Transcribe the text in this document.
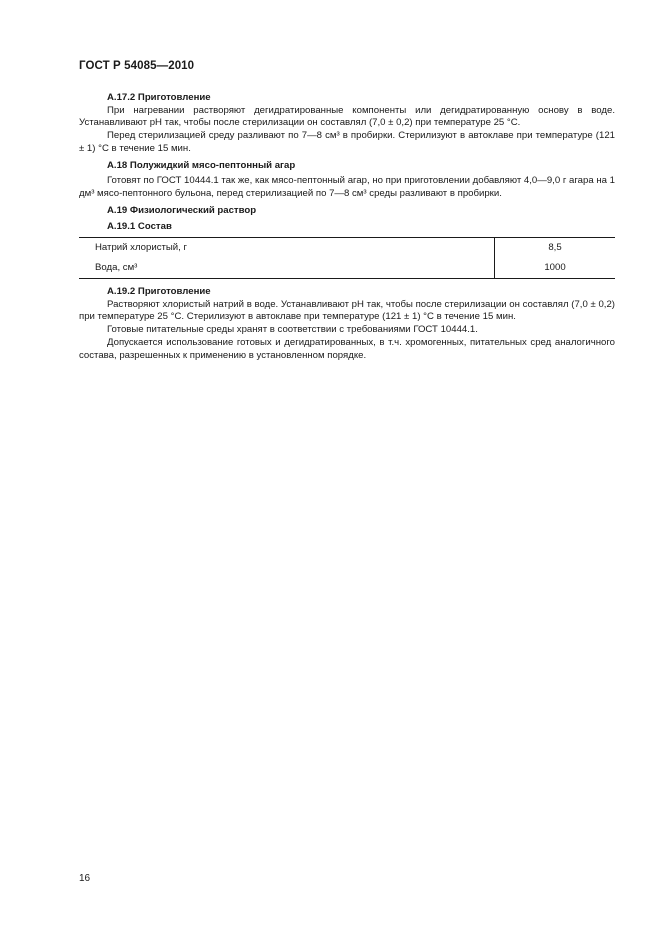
ГОСТ Р 54085—2010

А.17.2 Приготовление

При нагревании растворяют дегидратированные компоненты или дегидратированную основу в воде. Устанавливают pH так, чтобы после стерилизации он составлял (7,0 ± 0,2) при температуре 25 °C.

Перед стерилизацией среду разливают по 7—8 см³ в пробирки. Стерилизуют в автоклаве при температуре (121 ± 1) °C в течение 15 мин.

А.18 Полужидкий мясо-пептонный агар

Готовят по ГОСТ 10444.1 так же, как мясо-пептонный агар, но при приготовлении добавляют 4,0—9,0 г агара на 1 дм³ мясо-пептонного бульона, перед стерилизацией по 7—8 см³ среды разливают в пробирки.

А.19 Физиологический раствор

А.19.1 Состав

Натрий хлористый, г	8,5
Вода, см³	1000

А.19.2 Приготовление

Растворяют хлористый натрий в воде. Устанавливают pH так, чтобы после стерилизации он составлял (7,0 ± 0,2) при температуре 25 °C. Стерилизуют в автоклаве при температуре (121 ± 1) °C в течение 15 мин.

Готовые питательные среды хранят в соответствии с требованиями ГОСТ 10444.1.

Допускается использование готовых и дегидратированных, в т.ч. хромогенных, питательных сред аналогичного состава, разрешенных к применению в установленном порядке.

16
